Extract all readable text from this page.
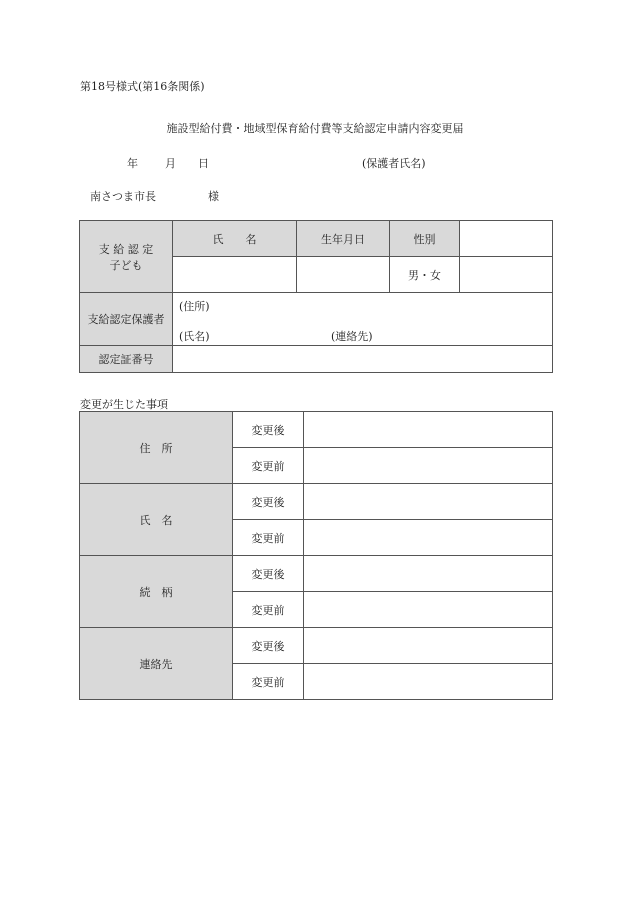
第18号様式(第16条関係)
施設型給付費・地域型保育給付費等支給認定申請内容変更届
年 月 日	(保護者氏名)
南さつま市長	様
支 給 認 定
子ども	氏　　名	生年月日	性別	
			男・女	
支給認定保護者	(住所)
(氏名) (連絡先)			

認定証番号				
変更が生じた事項
住　所	変更後	
	変更前	
氏　名	変更後	
	変更前	
続　柄	変更後	
	変更前	
連絡先	変更後	
	変更前	
